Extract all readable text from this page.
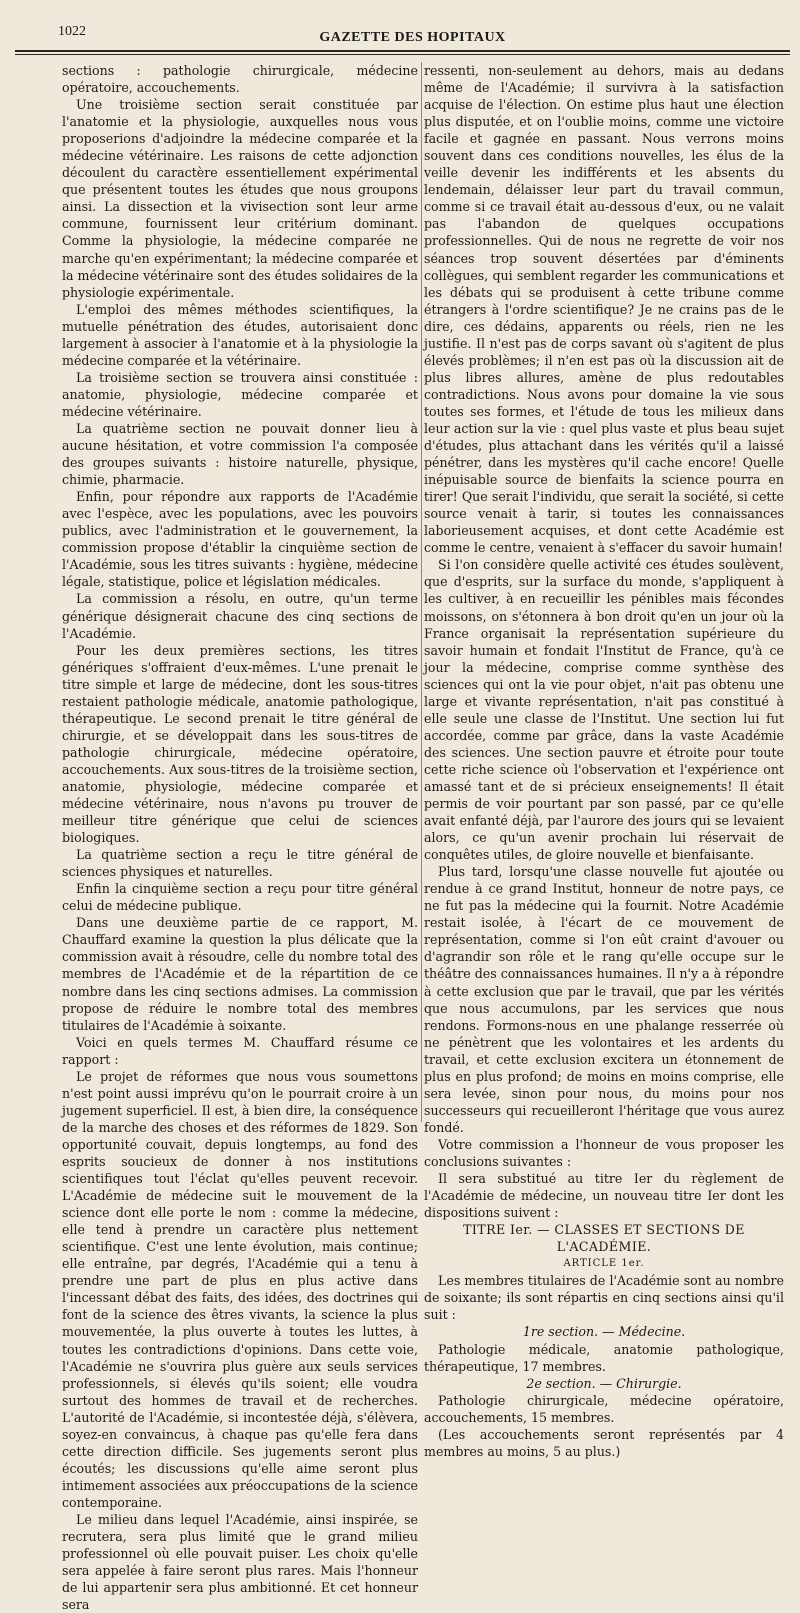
1022	GAZETTE DES HOPITAUX

sections : pathologie chirurgicale, médecine opératoire, accouchements.

Une troisième section serait constituée par l'anatomie et la physiologie, auxquelles nous vous proposerions d'adjoindre la médecine comparée et la médecine vétérinaire. Les raisons de cette adjonction découlent du caractère essentiellement expérimental que présentent toutes les études que nous groupons ainsi. La dissection et la vivisection sont leur arme commune, fournissent leur critérium dominant. Comme la physiologie, la médecine comparée ne marche qu'en expérimentant; la médecine comparée et la médecine vétérinaire sont des études solidaires de la physiologie expérimentale.

L'emploi des mêmes méthodes scientifiques, la mutuelle pénétration des études, autorisaient donc largement à associer à l'anatomie et à la physiologie la médecine comparée et la vétérinaire.

La troisième section se trouvera ainsi constituée : anatomie, physiologie, médecine comparée et médecine vétérinaire.

La quatrième section ne pouvait donner lieu à aucune hésitation, et votre commission l'a composée des groupes suivants : histoire naturelle, physique, chimie, pharmacie.

Enfin, pour répondre aux rapports de l'Académie avec l'espèce, avec les populations, avec les pouvoirs publics, avec l'administration et le gouvernement, la commission propose d'établir la cinquième section de l'Académie, sous les titres suivants : hygiène, médecine légale, statistique, police et législation médicales.

La commission a résolu, en outre, qu'un terme générique désignerait chacune des cinq sections de l'Académie.

Pour les deux premières sections, les titres génériques s'offraient d'eux-mêmes. L'une prenait le titre simple et large de médecine, dont les sous-titres restaient pathologie médicale, anatomie pathologique, thérapeutique. Le second prenait le titre général de chirurgie, et se développait dans les sous-titres de pathologie chirurgicale, médecine opératoire, accouchements. Aux sous-titres de la troisième section, anatomie, physiologie, médecine comparée et médecine vétérinaire, nous n'avons pu trouver de meilleur titre générique que celui de sciences biologiques.

La quatrième section a reçu le titre général de sciences physiques et naturelles.

Enfin la cinquième section a reçu pour titre général celui de médecine publique.

Dans une deuxième partie de ce rapport, M. Chauffard examine la question la plus délicate que la commission avait à résoudre, celle du nombre total des membres de l'Académie et de la répartition de ce nombre dans les cinq sections admises. La commission propose de réduire le nombre total des membres titulaires de l'Académie à soixante.

Voici en quels termes M. Chauffard résume ce rapport :

Le projet de réformes que nous vous soumettons n'est point aussi imprévu qu'on le pourrait croire à un jugement superficiel. Il est, à bien dire, la conséquence de la marche des choses et des réformes de 1829. Son opportunité couvait, depuis longtemps, au fond des esprits soucieux de donner à nos institutions scientifiques tout l'éclat qu'elles peuvent recevoir. L'Académie de médecine suit le mouvement de la science dont elle porte le nom : comme la médecine, elle tend à prendre un caractère plus nettement scientifique. C'est une lente évolution, mais continue; elle entraîne, par degrés, l'Académie qui a tenu à prendre une part de plus en plus active dans l'incessant débat des faits, des idées, des doctrines qui font de la science des êtres vivants, la science la plus mouvementée, la plus ouverte à toutes les luttes, à toutes les contradictions d'opinions. Dans cette voie, l'Académie ne s'ouvrira plus guère aux seuls services professionnels, si élevés qu'ils soient; elle voudra surtout des hommes de travail et de recherches. L'autorité de l'Académie, si incontestée déjà, s'élèvera, soyez-en convaincus, à chaque pas qu'elle fera dans cette direction difficile. Ses jugements seront plus écoutés; les discussions qu'elle aime seront plus intimement associées aux préoccupations de la science contemporaine.

Le milieu dans lequel l'Académie, ainsi inspirée, se recrutera, sera plus limité que le grand milieu professionnel où elle pouvait puiser. Les choix qu'elle sera appelée à faire seront plus rares. Mais l'honneur de lui appartenir sera plus ambitionné. Et cet honneur sera

ressenti, non-seulement au dehors, mais au dedans même de l'Académie; il survivra à la satisfaction acquise de l'élection. On estime plus haut une élection plus disputée, et on l'oublie moins, comme une victoire facile et gagnée en passant. Nous verrons moins souvent dans ces conditions nouvelles, les élus de la veille devenir les indifférents et les absents du lendemain, délaisser leur part du travail commun, comme si ce travail était au-dessous d'eux, ou ne valait pas l'abandon de quelques occupations professionnelles. Qui de nous ne regrette de voir nos séances trop souvent désertées par d'éminents collègues, qui semblent regarder les communications et les débats qui se produisent à cette tribune comme étrangers à l'ordre scientifique? Je ne crains pas de le dire, ces dédains, apparents ou réels, rien ne les justifie. Il n'est pas de corps savant où s'agitent de plus élevés problèmes; il n'en est pas où la discussion ait de plus libres allures, amène de plus redoutables contradictions. Nous avons pour domaine la vie sous toutes ses formes, et l'étude de tous les milieux dans leur action sur la vie : quel plus vaste et plus beau sujet d'études, plus attachant dans les vérités qu'il a laissé pénétrer, dans les mystères qu'il cache encore! Quelle inépuisable source de bienfaits la science pourra en tirer! Que serait l'individu, que serait la société, si cette source venait à tarir, si toutes les connaissances laborieusement acquises, et dont cette Académie est comme le centre, venaient à s'effacer du savoir humain!

Si l'on considère quelle activité ces études soulèvent, que d'esprits, sur la surface du monde, s'appliquent à les cultiver, à en recueillir les pénibles mais fécondes moissons, on s'étonnera à bon droit qu'en un jour où la France organisait la représentation supérieure du savoir humain et fondait l'Institut de France, qu'à ce jour la médecine, comprise comme synthèse des sciences qui ont la vie pour objet, n'ait pas obtenu une large et vivante représentation, n'ait pas constitué à elle seule une classe de l'Institut. Une section lui fut accordée, comme par grâce, dans la vaste Académie des sciences. Une section pauvre et étroite pour toute cette riche science où l'observation et l'expérience ont amassé tant et de si précieux enseignements! Il était permis de voir pourtant par son passé, par ce qu'elle avait enfanté déjà, par l'aurore des jours qui se levaient alors, ce qu'un avenir prochain lui réservait de conquêtes utiles, de gloire nouvelle et bienfaisante.

Plus tard, lorsqu'une classe nouvelle fut ajoutée ou rendue à ce grand Institut, honneur de notre pays, ce ne fut pas la médecine qui la fournit. Notre Académie restait isolée, à l'écart de ce mouvement de représentation, comme si l'on eût craint d'avouer ou d'agrandir son rôle et le rang qu'elle occupe sur le théâtre des connaissances humaines. Il n'y a à répondre à cette exclusion que par le travail, que par les vérités que nous accumulons, par les services que nous rendons. Formons-nous en une phalange resserrée où ne pénètrent que les volontaires et les ardents du travail, et cette exclusion excitera un étonnement de plus en plus profond; de moins en moins comprise, elle sera levée, sinon pour nous, du moins pour nos successeurs qui recueilleront l'héritage que vous aurez fondé.

Votre commission a l'honneur de vous proposer les conclusions suivantes :

Il sera substitué au titre Ier du règlement de l'Académie de médecine, un nouveau titre Ier dont les dispositions suivent :

TITRE Ier. — CLASSES ET SECTIONS DE L'ACADÉMIE.

ARTICLE 1er.

Les membres titulaires de l'Académie sont au nombre de soixante; ils sont répartis en cinq sections ainsi qu'il suit :

1re section. — Médecine.

Pathologie médicale, anatomie pathologique, thérapeutique, 17 membres.

2e section. — Chirurgie.

Pathologie chirurgicale, médecine opératoire, accouchements, 15 membres.

(Les accouchements seront représentés par 4 membres au moins, 5 au plus.)
